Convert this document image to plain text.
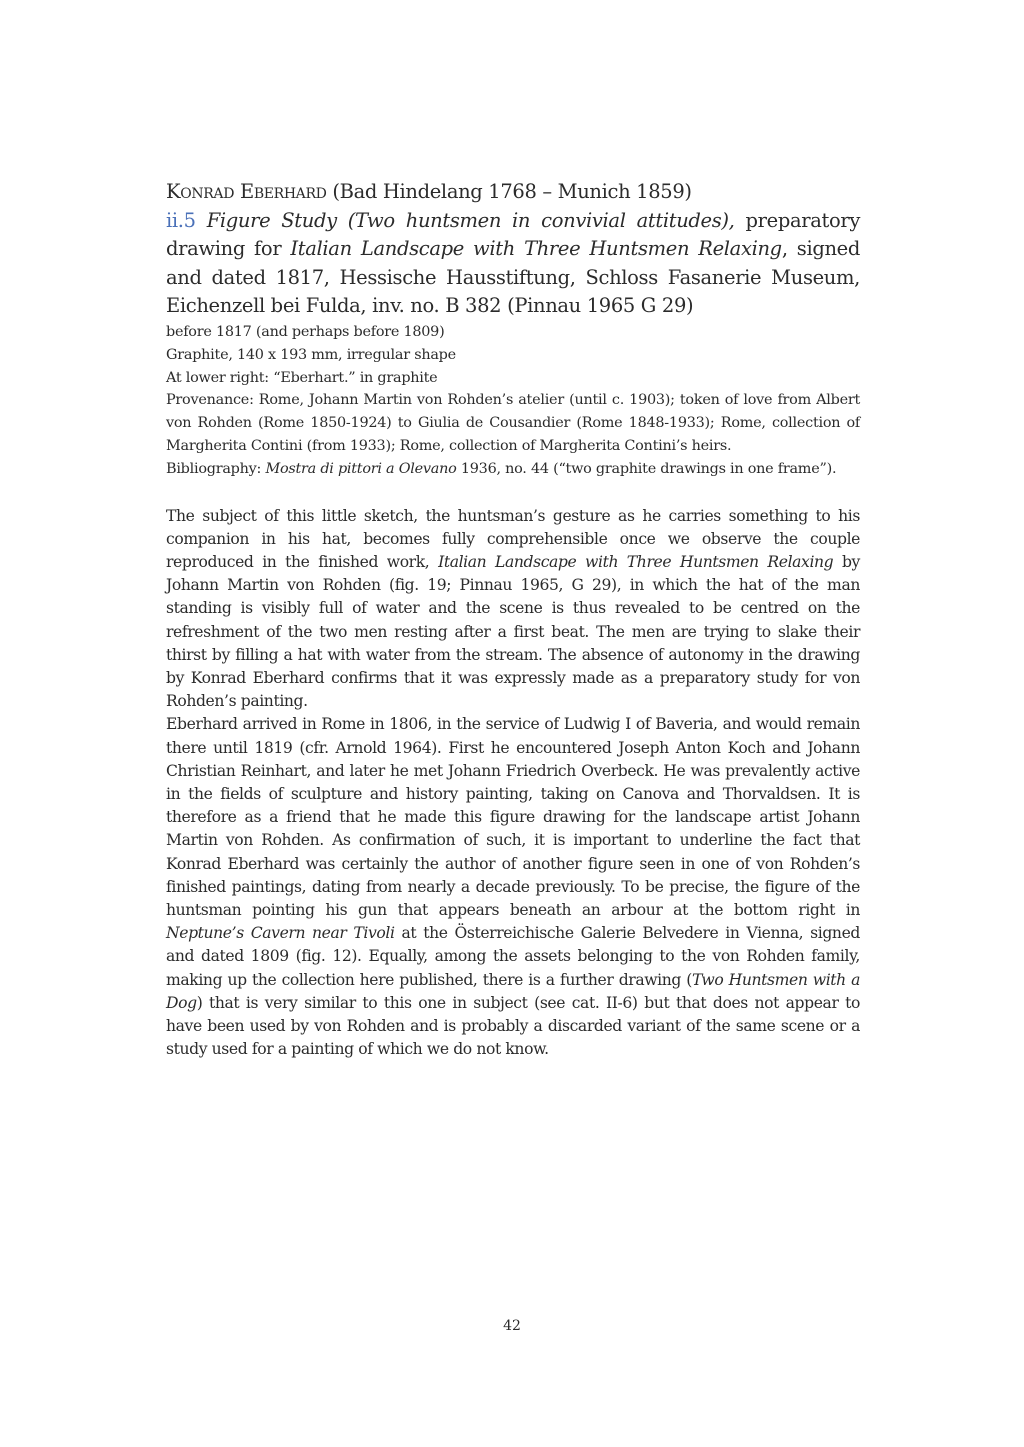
Konrad Eberhard (Bad Hindelang 1768 – Munich 1859)
ii.5 Figure Study (Two huntsmen in convivial attitudes), preparatory drawing for Italian Landscape with Three Huntsmen Relaxing, signed and dated 1817, Hessische Hausstiftung, Schloss Fasanerie Museum, Eichenzell bei Fulda, inv. no. B 382 (Pinnau 1965 G 29)

before 1817 (and perhaps before 1809)

Graphite, 140 x 193 mm, irregular shape

At lower right: “Eberhart.” in graphite

Provenance: Rome, Johann Martin von Rohden’s atelier (until c. 1903); token of love from Albert von Rohden (Rome 1850-1924) to Giulia de Cousandier (Rome 1848-1933); Rome, collection of Margherita Contini (from 1933); Rome, collection of Margherita Contini’s heirs.

Bibliography: Mostra di pittori a Olevano 1936, no. 44 (“two graphite drawings in one frame”).

The subject of this little sketch, the huntsman’s gesture as he carries something to his companion in his hat, becomes fully comprehensible once we observe the couple reproduced in the finished work, Italian Landscape with Three Huntsmen Relaxing by Johann Martin von Rohden (fig. 19; Pinnau 1965, G 29), in which the hat of the man standing is visibly full of water and the scene is thus revealed to be centred on the refreshment of the two men resting after a first beat. The men are trying to slake their thirst by filling a hat with water from the stream. The absence of autonomy in the drawing by Konrad Eberhard confirms that it was expressly made as a preparatory study for von Rohden’s painting.

Eberhard arrived in Rome in 1806, in the service of Ludwig I of Baveria, and would remain there until 1819 (cfr. Arnold 1964). First he encountered Joseph Anton Koch and Johann Christian Reinhart, and later he met Johann Friedrich Overbeck. He was prevalently active in the fields of sculpture and history painting, taking on Canova and Thorvaldsen. It is therefore as a friend that he made this figure drawing for the landscape artist Johann Martin von Rohden. As confirmation of such, it is important to underline the fact that Konrad Eberhard was certainly the author of another figure seen in one of von Rohden’s finished paintings, dating from nearly a decade previously. To be precise, the figure of the huntsman pointing his gun that appears beneath an arbour at the bottom right in Neptune’s Cavern near Tivoli at the Österreichische Galerie Belvedere in Vienna, signed and dated 1809 (fig. 12). Equally, among the assets belonging to the von Rohden family, making up the collection here published, there is a further drawing (Two Huntsmen with a Dog) that is very similar to this one in subject (see cat. II-6) but that does not appear to have been used by von Rohden and is probably a discarded variant of the same scene or a study used for a painting of which we do not know.

42
